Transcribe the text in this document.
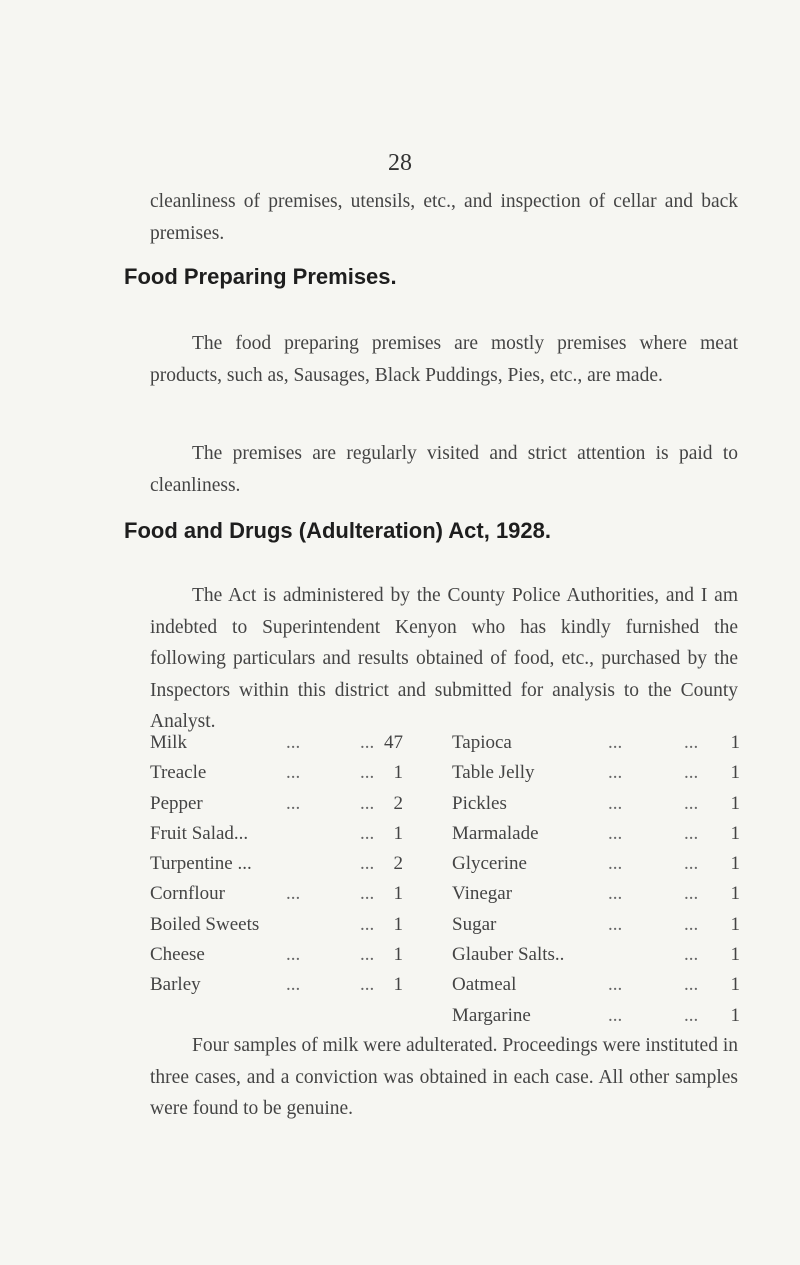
28
cleanliness of premises, utensils, etc., and inspection of cellar and back premises.
Food Preparing Premises.
The food preparing premises are mostly premises where meat products, such as, Sausages, Black Puddings, Pies, etc., are made.
The premises are regularly visited and strict attention is paid to cleanliness.
Food and Drugs (Adulteration) Act, 1928.
The Act is administered by the County Police Authorities, and I am indebted to Superintendent Kenyon who has kindly furnished the following particulars and results obtained of food, etc., purchased by the Inspectors within this district and submitted for analysis to the County Analyst.
Milk	...	... 47
Treacle	...	... 1
Pepper	...	... 2
Fruit Salad...	... 1
Turpentine ...	... 2
Cornflour	...	... 1
Boiled Sweets	... 1
Cheese	...	... 1
Barley	...	... 1
Tapioca	...	... 1
Table Jelly	...	... 1
Pickles	...	... 1
Marmalade	...	... 1
Glycerine	...	... 1
Vinegar	...	... 1
Sugar	...	... 1
Glauber Salts..	... 1
Oatmeal	...	... 1
Margarine	...	... 1
Four samples of milk were adulterated. Proceedings were instituted in three cases, and a conviction was obtained in each case. All other samples were found to be genuine.
